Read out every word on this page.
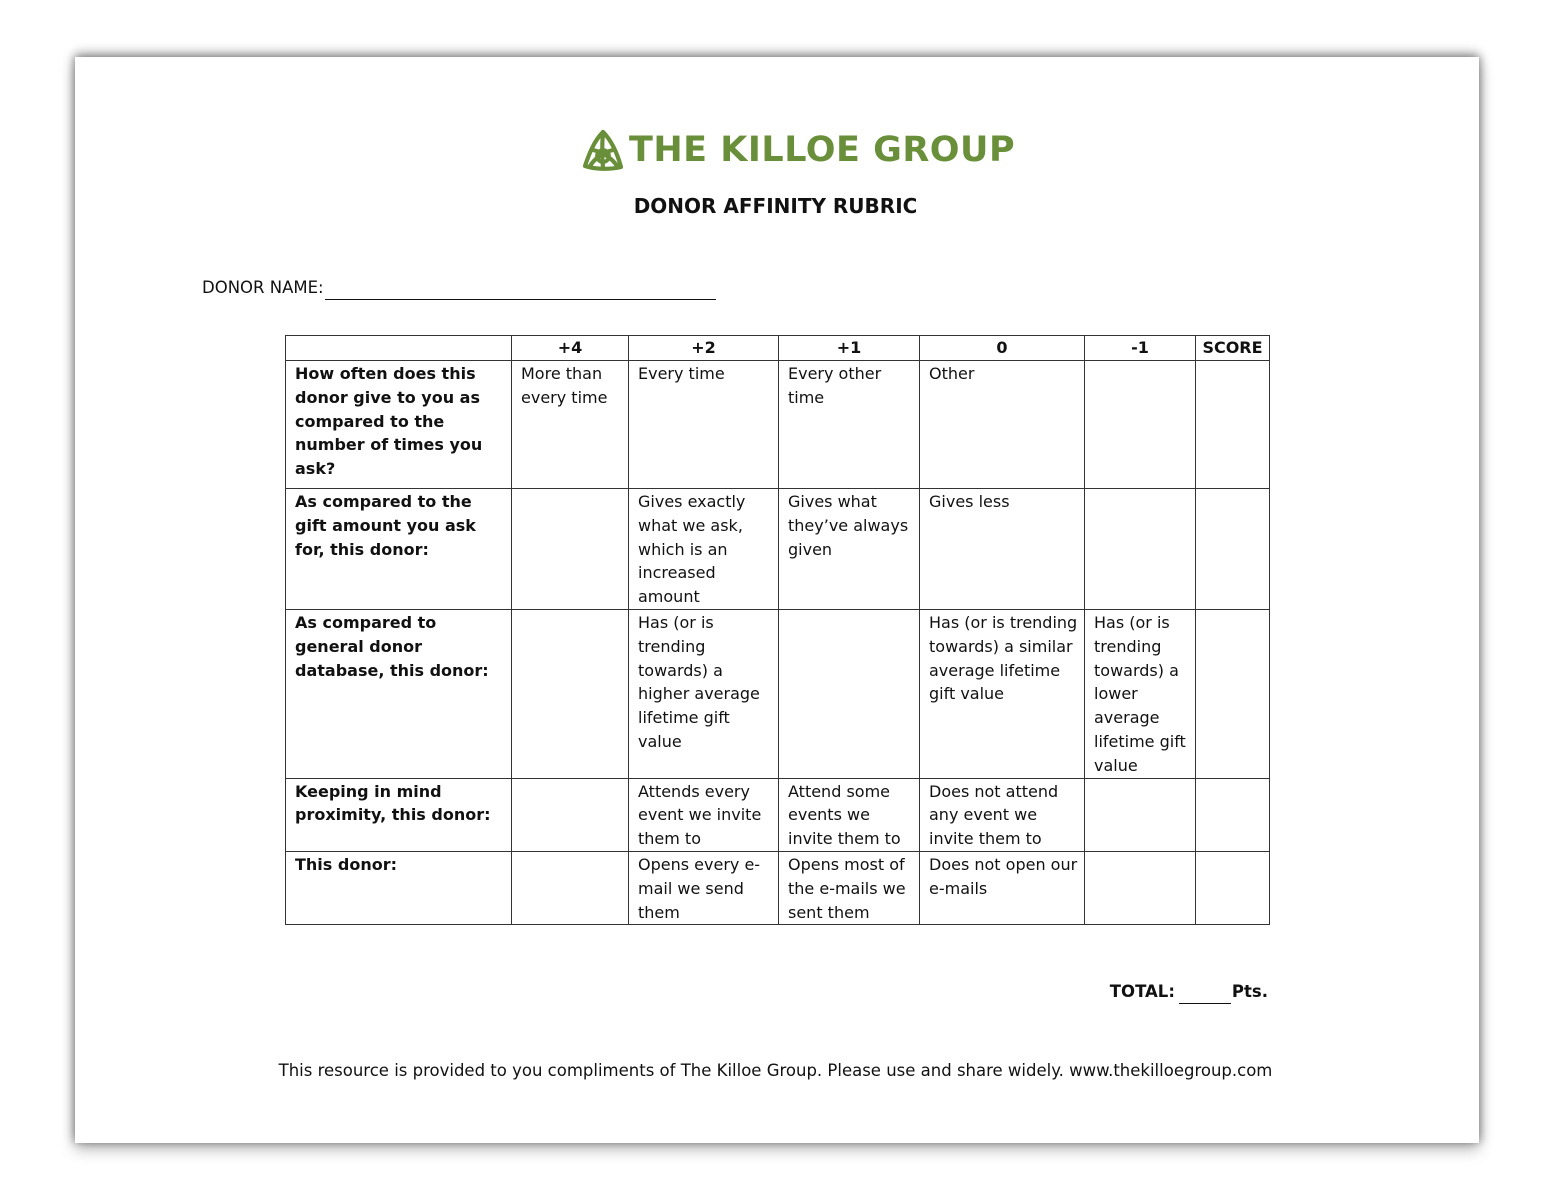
THE KILLOE GROUP
DONOR AFFINITY RUBRIC
DONOR NAME:
	+4	+2	+1	0	-1	SCORE
How often does this donor give to you as compared to the number of times you ask?	More than every time	Every time	Every other time	Other		
As compared to the gift amount you ask for, this donor:		Gives exactly what we ask, which is an increased amount	Gives what they’ve always given	Gives less		
As compared to general donor database, this donor:		Has (or is trending towards) a higher average lifetime gift value		Has (or is trending towards) a similar average lifetime gift value	Has (or is trending towards) a lower average lifetime gift value	
Keeping in mind proximity, this donor:		Attends every event we invite them to	Attend some events we invite them to	Does not attend any event we invite them to		
This donor:		Opens every e-mail we send them	Opens most of the e-mails we sent them	Does not open our e-mails		
TOTAL:	Pts.
This resource is provided to you compliments of The Killoe Group. Please use and share widely. www.thekilloegroup.com
